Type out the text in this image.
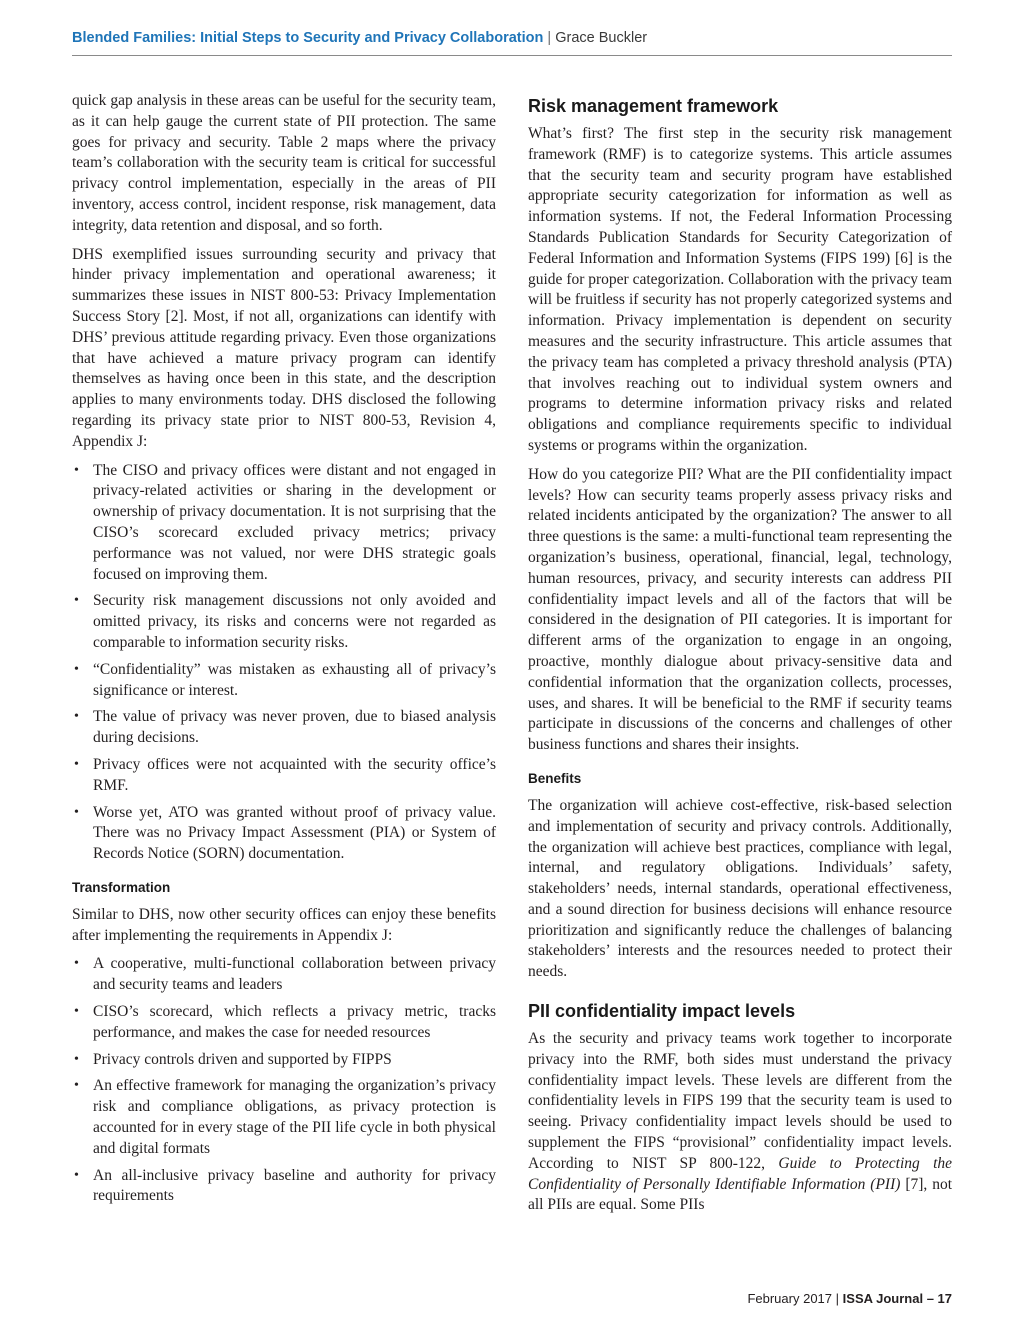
Blended Families: Initial Steps to Security and Privacy Collaboration | Grace Buckler

quick gap analysis in these areas can be useful for the security team, as it can help gauge the current state of PII protection. The same goes for privacy and security. Table 2 maps where the privacy team’s collaboration with the security team is critical for successful privacy control implementation, especially in the areas of PII inventory, access control, incident response, risk management, data integrity, data retention and disposal, and so forth.

DHS exemplified issues surrounding security and privacy that hinder privacy implementation and operational awareness; it summarizes these issues in NIST 800-53: Privacy Implementation Success Story [2]. Most, if not all, organizations can identify with DHS’ previous attitude regarding privacy. Even those organizations that have achieved a mature privacy program can identify themselves as having once been in this state, and the description applies to many environments today. DHS disclosed the following regarding its privacy state prior to NIST 800-53, Revision 4, Appendix J:

• The CISO and privacy offices were distant and not engaged in privacy-related activities or sharing in the development or ownership of privacy documentation. It is not surprising that the CISO’s scorecard excluded privacy metrics; privacy performance was not valued, nor were DHS strategic goals focused on improving them.
• Security risk management discussions not only avoided and omitted privacy, its risks and concerns were not regarded as comparable to information security risks.
• “Confidentiality” was mistaken as exhausting all of privacy’s significance or interest.
• The value of privacy was never proven, due to biased analysis during decisions.
• Privacy offices were not acquainted with the security office’s RMF.
• Worse yet, ATO was granted without proof of privacy value. There was no Privacy Impact Assessment (PIA) or System of Records Notice (SORN) documentation.
Transformation

Similar to DHS, now other security offices can enjoy these benefits after implementing the requirements in Appendix J:

• A cooperative, multi-functional collaboration between privacy and security teams and leaders
• CISO’s scorecard, which reflects a privacy metric, tracks performance, and makes the case for needed resources
• Privacy controls driven and supported by FIPPS
• An effective framework for managing the organization’s privacy risk and compliance obligations, as privacy protection is accounted for in every stage of the PII life cycle in both physical and digital formats
• An all-inclusive privacy baseline and authority for privacy requirements
Risk management framework

What’s first? The first step in the security risk management framework (RMF) is to categorize systems. This article assumes that the security team and security program have established appropriate security categorization for information as well as information systems. If not, the Federal Information Processing Standards Publication Standards for Security Categorization of Federal Information and Information Systems (FIPS 199) [6] is the guide for proper categorization. Collaboration with the privacy team will be fruitless if security has not properly categorized systems and information. Privacy implementation is dependent on security measures and the security infrastructure. This article assumes that the privacy team has completed a privacy threshold analysis (PTA) that involves reaching out to individual system owners and programs to determine information privacy risks and related obligations and compliance requirements specific to individual systems or programs within the organization.

How do you categorize PII? What are the PII confidentiality impact levels? How can security teams properly assess privacy risks and related incidents anticipated by the organization? The answer to all three questions is the same: a multi-functional team representing the organization’s business, operational, financial, legal, technology, human resources, privacy, and security interests can address PII confidentiality impact levels and all of the factors that will be considered in the designation of PII categories. It is important for different arms of the organization to engage in an ongoing, proactive, monthly dialogue about privacy-sensitive data and confidential information that the organization collects, processes, uses, and shares. It will be beneficial to the RMF if security teams participate in discussions of the concerns and challenges of other business functions and shares their insights.

Benefits

The organization will achieve cost-effective, risk-based selection and implementation of security and privacy controls. Additionally, the organization will achieve best practices, compliance with legal, internal, and regulatory obligations. Individuals’ safety, stakeholders’ needs, internal standards, operational effectiveness, and a sound direction for business decisions will enhance resource prioritization and significantly reduce the challenges of balancing stakeholders’ interests and the resources needed to protect their needs.

PII confidentiality impact levels

As the security and privacy teams work together to incorporate privacy into the RMF, both sides must understand the privacy confidentiality impact levels. These levels are different from the confidentiality levels in FIPS 199 that the security team is used to seeing. Privacy confidentiality impact levels should be used to supplement the FIPS “provisional” confidentiality impact levels. According to NIST SP 800-122, Guide to Protecting the Confidentiality of Personally Identifiable Information (PII) [7], not all PIIs are equal. Some PIIs

February 2017 | ISSA Journal – 17
